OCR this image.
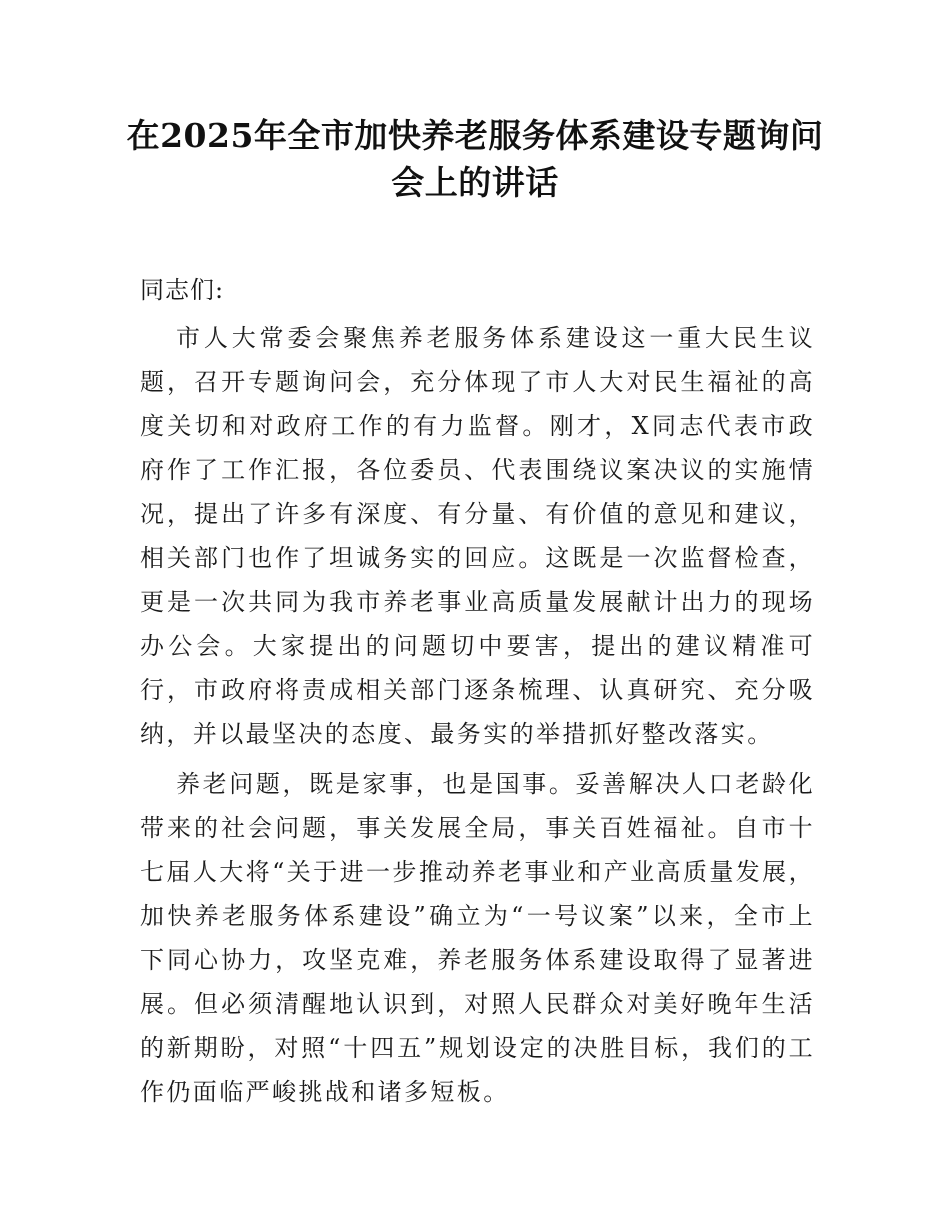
在2025年全市加快养老服务体系建设专题询问会上的讲话

同志们:

市人大常委会聚焦养老服务体系建设这一重大民生议题，召开专题询问会，充分体现了市人大对民生福祉的高度关切和对政府工作的有力监督。刚才，X同志代表市政府作了工作汇报，各位委员、代表围绕议案决议的实施情况，提出了许多有深度、有分量、有价值的意见和建议，相关部门也作了坦诚务实的回应。这既是一次监督检查，更是一次共同为我市养老事业高质量发展献计出力的现场办公会。大家提出的问题切中要害，提出的建议精准可行，市政府将责成相关部门逐条梳理、认真研究、充分吸纳，并以最坚决的态度、最务实的举措抓好整改落实。

养老问题，既是家事，也是国事。妥善解决人口老龄化带来的社会问题，事关发展全局，事关百姓福祉。自市十七届人大将“关于进一步推动养老事业和产业高质量发展，加快养老服务体系建设”确立为“一号议案”以来，全市上下同心协力，攻坚克难，养老服务体系建设取得了显著进展。但必须清醒地认识到，对照人民群众对美好晚年生活的新期盼，对照“十四五”规划设定的决胜目标，我们的工作仍面临严峻挑战和诸多短板。
